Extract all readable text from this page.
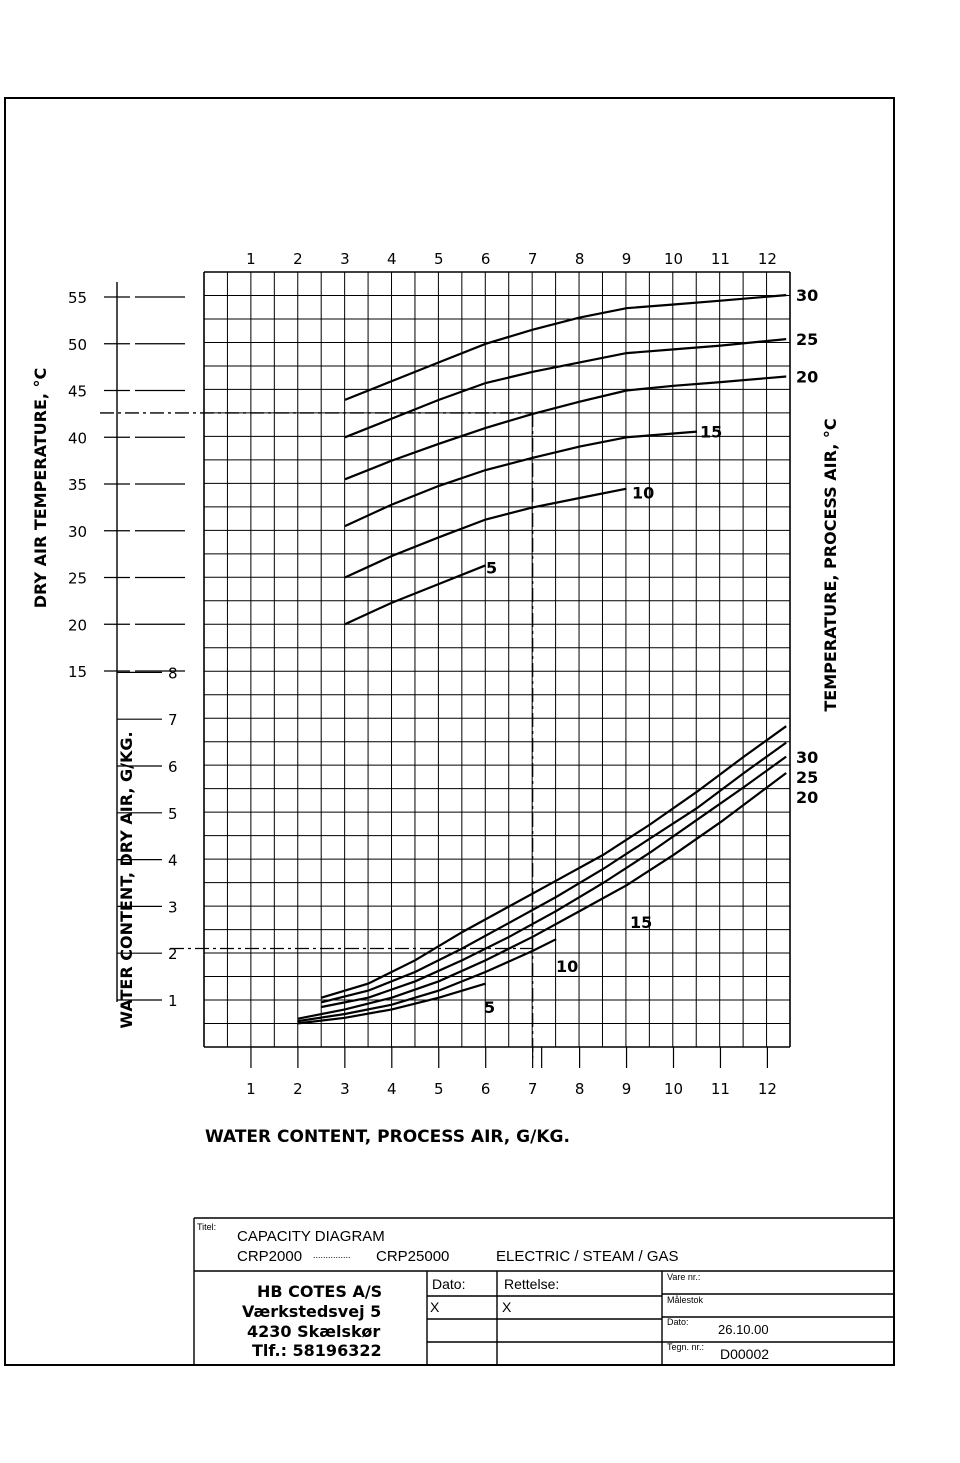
15
20
25
30
35
40
45
50
55
1
2
3
4
5
6
7
8
1 2 3 4 5 6 7 8 9 10 11 12
1 2 3 4 5 6 7 8 9 10 11 12
WATER CONTENT, PROCESS AIR, G/KG.
DRY AIR TEMPERATURE, °C
WATER CONTENT, DRY AIR, G/KG.
TEMPERATURE, PROCESS AIR, °C
30
25
20
15
10
5
30
25
20
15
10
5
Titel:
CAPACITY DIAGRAM
CRP2000 ............... CRP25000	ELECTRIC / STEAM / GAS
HB COTES A/S
Værkstedsvej 5
4230 Skælskør
Tlf.: 58196322
Dato:
X
Rettelse:
X
Vare nr.:
Målestok
Dato: 26.10.00
Tegn. nr.: D00002
